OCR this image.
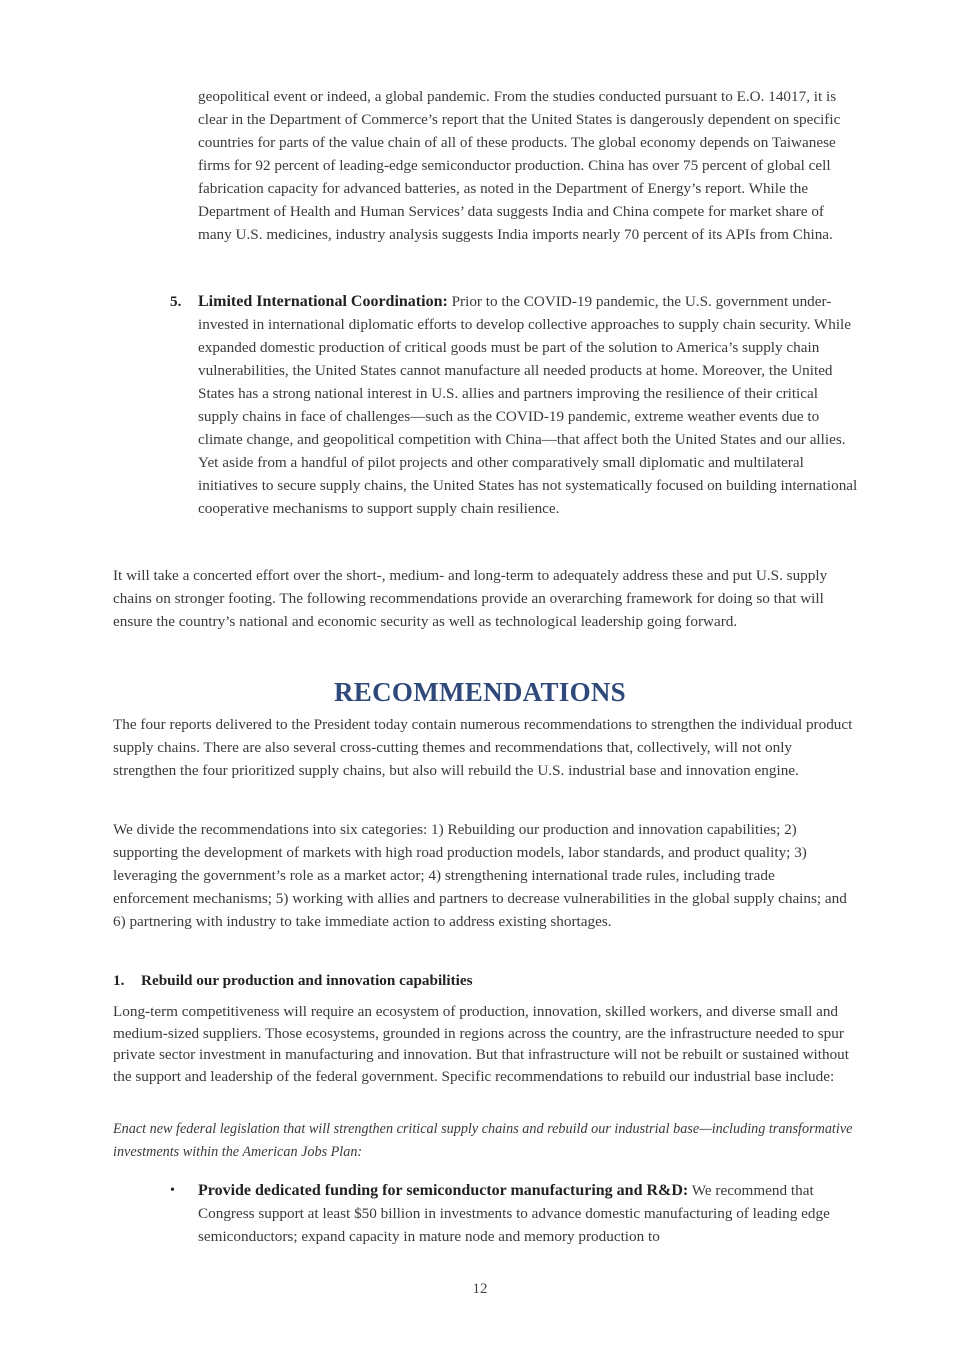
geopolitical event or indeed, a global pandemic. From the studies conducted pursuant to E.O. 14017, it is clear in the Department of Commerce’s report that the United States is dangerously dependent on specific countries for parts of the value chain of all of these products. The global economy depends on Taiwanese firms for 92 percent of leading-edge semiconductor production. China has over 75 percent of global cell fabrication capacity for advanced batteries, as noted in the Department of Energy’s report. While the Department of Health and Human Services’ data suggests India and China compete for market share of many U.S. medicines, industry analysis suggests India imports nearly 70 percent of its APIs from China.

5. Limited International Coordination: Prior to the COVID-19 pandemic, the U.S. government under-invested in international diplomatic efforts to develop collective approaches to supply chain security. While expanded domestic production of critical goods must be part of the solution to America’s supply chain vulnerabilities, the United States cannot manufacture all needed products at home. Moreover, the United States has a strong national interest in U.S. allies and partners improving the resilience of their critical supply chains in face of challenges—such as the COVID-19 pandemic, extreme weather events due to climate change, and geopolitical competition with China—that affect both the United States and our allies. Yet aside from a handful of pilot projects and other comparatively small diplomatic and multilateral initiatives to secure supply chains, the United States has not systematically focused on building international cooperative mechanisms to support supply chain resilience.

It will take a concerted effort over the short-, medium- and long-term to adequately address these and put U.S. supply chains on stronger footing. The following recommendations provide an overarching framework for doing so that will ensure the country’s national and economic security as well as technological leadership going forward.

RECOMMENDATIONS

The four reports delivered to the President today contain numerous recommendations to strengthen the individual product supply chains. There are also several cross-cutting themes and recommendations that, collectively, will not only strengthen the four prioritized supply chains, but also will rebuild the U.S. industrial base and innovation engine.

We divide the recommendations into six categories: 1) Rebuilding our production and innovation capabilities; 2) supporting the development of markets with high road production models, labor standards, and product quality; 3) leveraging the government’s role as a market actor; 4) strengthening international trade rules, including trade enforcement mechanisms; 5) working with allies and partners to decrease vulnerabilities in the global supply chains; and 6) partnering with industry to take immediate action to address existing shortages.

1. Rebuild our production and innovation capabilities

Long-term competitiveness will require an ecosystem of production, innovation, skilled workers, and diverse small and medium-sized suppliers. Those ecosystems, grounded in regions across the country, are the infrastructure needed to spur private sector investment in manufacturing and innovation. But that infrastructure will not be rebuilt or sustained without the support and leadership of the federal government. Specific recommendations to rebuild our industrial base include:

Enact new federal legislation that will strengthen critical supply chains and rebuild our industrial base—including transformative investments within the American Jobs Plan:

• Provide dedicated funding for semiconductor manufacturing and R&D: We recommend that Congress support at least $50 billion in investments to advance domestic manufacturing of leading edge semiconductors; expand capacity in mature node and memory production to

12
